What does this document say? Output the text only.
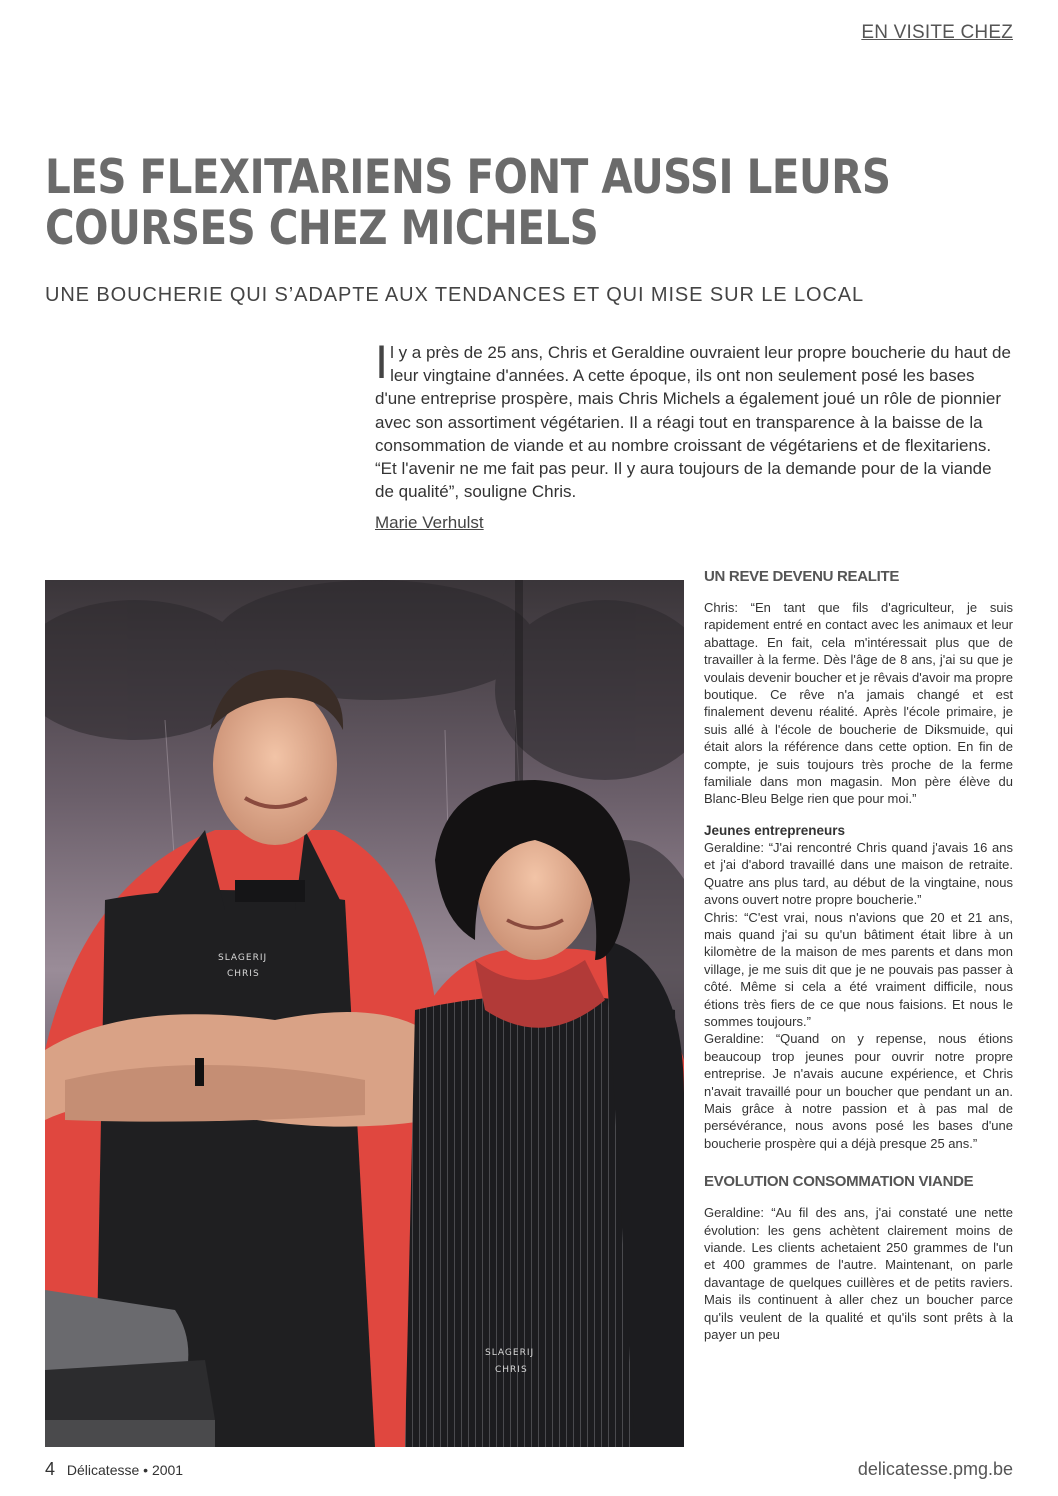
EN VISITE CHEZ
LES FLEXITARIENS FONT AUSSI LEURS
COURSES CHEZ MICHELS
UNE BOUCHERIE QUI S’ADAPTE AUX TENDANCES ET QUI MISE SUR LE LOCAL
I l y a près de 25 ans, Chris et Geraldine ouvraient leur propre boucherie du haut de leur vingtaine d'années. A cette époque, ils ont non seulement posé les bases d'une entreprise prospère, mais Chris Michels a également joué un rôle de pionnier avec son assortiment végétarien. Il a réagi tout en transparence à la baisse de la consommation de viande et au nombre croissant de végétariens et de flexitariens. “Et l'avenir ne me fait pas peur. Il y aura toujours de la demande pour de la viande de qualité”, souligne Chris.

Marie Verhulst
SLAGERIJ
CHRIS
SLAGERIJ
CHRIS
UN REVE DEVENU REALITE

Chris: “En tant que fils d'agriculteur, je suis rapidement entré en contact avec les animaux et leur abattage. En fait, cela m'intéressait plus que de travailler à la ferme. Dès l'âge de 8 ans, j'ai su que je voulais devenir boucher et je rêvais d'avoir ma propre boutique. Ce rêve n'a jamais changé et est finalement devenu réalité. Après l'école primaire, je suis allé à l'école de boucherie de Diksmuide, qui était alors la référence dans cette option. En fin de compte, je suis toujours très proche de la ferme familiale dans mon magasin. Mon père élève du Blanc-Bleu Belge rien que pour moi.”

Jeunes entrepreneurs

Geraldine: “J'ai rencontré Chris quand j'avais 16 ans et j'ai d'abord travaillé dans une maison de retraite. Quatre ans plus tard, au début de la vingtaine, nous avons ouvert notre propre boucherie.”

Chris: “C'est vrai, nous n'avions que 20 et 21 ans, mais quand j'ai su qu'un bâtiment était libre à un kilomètre de la maison de mes parents et dans mon village, je me suis dit que je ne pouvais pas passer à côté. Même si cela a été vraiment difficile, nous étions très fiers de ce que nous faisions. Et nous le sommes toujours.”

Geraldine: “Quand on y repense, nous étions beaucoup trop jeunes pour ouvrir notre propre entreprise. Je n'avais aucune expérience, et Chris n'avait travaillé pour un boucher que pendant un an. Mais grâce à notre passion et à pas mal de persévérance, nous avons posé les bases d'une boucherie prospère qui a déjà presque 25 ans.”

EVOLUTION CONSOMMATION VIANDE

Geraldine: “Au fil des ans, j'ai constaté une nette évolution: les gens achètent clairement moins de viande. Les clients achetaient 250 grammes de l'un et 400 grammes de l'autre. Maintenant, on parle davantage de quelques cuillères et de petits raviers. Mais ils continuent à aller chez un boucher parce qu'ils veulent de la qualité et qu'ils sont prêts à la payer un peu

4 Délicatesse • 2001	delicatesse.pmg.be
